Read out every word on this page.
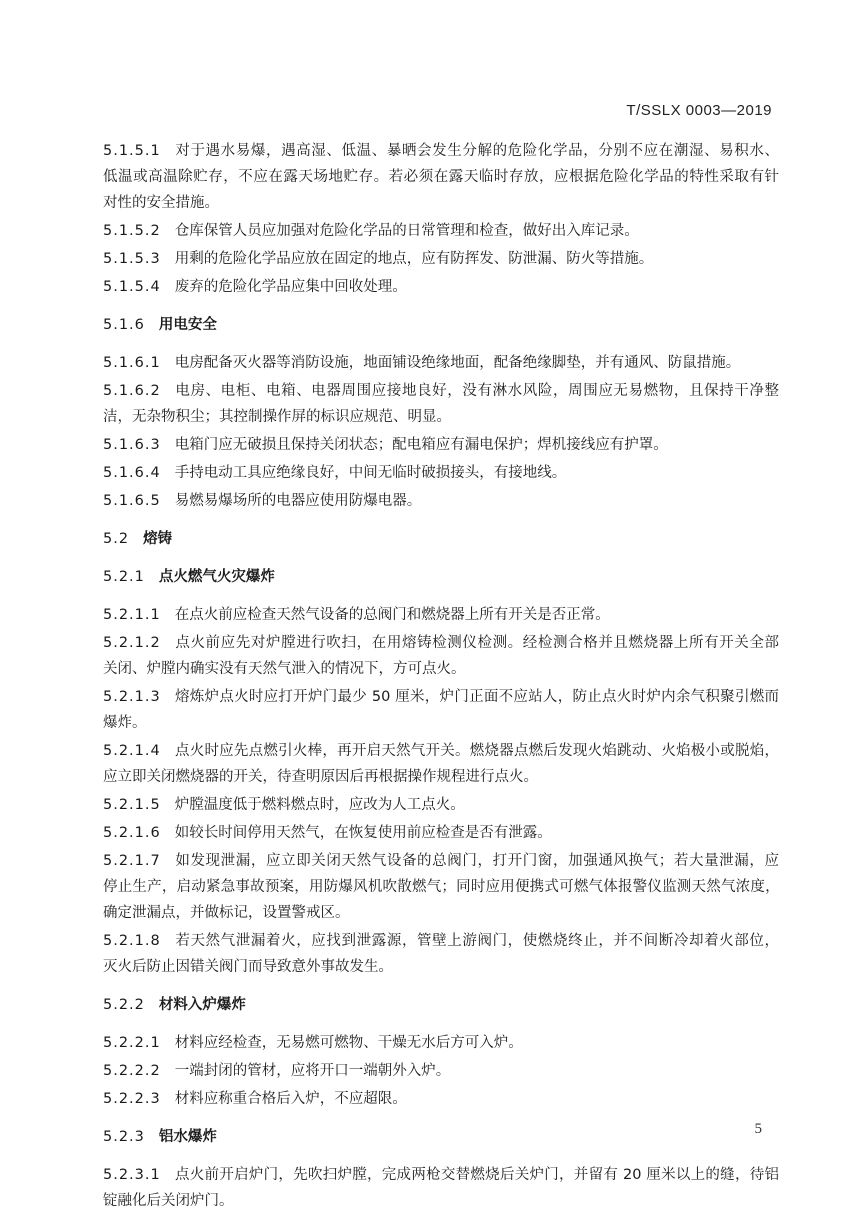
T/SSLX 0003—2019
5.1.5.1 对于遇水易爆，遇高湿、低温、暴晒会发生分解的危险化学品，分别不应在潮湿、易积水、
低温或高温除贮存，不应在露天场地贮存。若必须在露天临时存放，应根据危险化学品的特性采取有针
对性的安全措施。
5.1.5.2 仓库保管人员应加强对危险化学品的日常管理和检查，做好出入库记录。
5.1.5.3 用剩的危险化学品应放在固定的地点，应有防挥发、防泄漏、防火等措施。
5.1.5.4 废弃的危险化学品应集中回收处理。
5.1.6 用电安全
5.1.6.1 电房配备灭火器等消防设施，地面铺设绝缘地面，配备绝缘脚垫，并有通风、防鼠措施。
5.1.6.2 电房、电柜、电箱、电器周围应接地良好，没有淋水风险，周围应无易燃物，且保持干净整
洁，无杂物积尘；其控制操作屏的标识应规范、明显。
5.1.6.3 电箱门应无破损且保持关闭状态；配电箱应有漏电保护；焊机接线应有护罩。
5.1.6.4 手持电动工具应绝缘良好，中间无临时破损接头，有接地线。
5.1.6.5 易燃易爆场所的电器应使用防爆电器。
5.2 熔铸
5.2.1 点火燃气火灾爆炸
5.2.1.1 在点火前应检查天然气设备的总阀门和燃烧器上所有开关是否正常。
5.2.1.2 点火前应先对炉膛进行吹扫，在用熔铸检测仪检测。经检测合格并且燃烧器上所有开关全部
关闭、炉膛内确实没有天然气泄入的情况下，方可点火。
5.2.1.3 熔炼炉点火时应打开炉门最少 50 厘米，炉门正面不应站人，防止点火时炉内余气积聚引燃而
爆炸。
5.2.1.4 点火时应先点燃引火棒，再开启天然气开关。燃烧器点燃后发现火焰跳动、火焰极小或脱焰，
应立即关闭燃烧器的开关，待查明原因后再根据操作规程进行点火。
5.2.1.5 炉膛温度低于燃料燃点时，应改为人工点火。
5.2.1.6 如较长时间停用天然气，在恢复使用前应检查是否有泄露。
5.2.1.7 如发现泄漏，应立即关闭天然气设备的总阀门，打开门窗，加强通风换气；若大量泄漏，应
停止生产，启动紧急事故预案，用防爆风机吹散燃气；同时应用便携式可燃气体报警仪监测天然气浓度，
确定泄漏点，并做标记，设置警戒区。
5.2.1.8 若天然气泄漏着火，应找到泄露源，管壁上游阀门，使燃烧终止，并不间断冷却着火部位，
灭火后防止因错关阀门而导致意外事故发生。
5.2.2 材料入炉爆炸
5.2.2.1 材料应经检查，无易燃可燃物、干燥无水后方可入炉。
5.2.2.2 一端封闭的管材，应将开口一端朝外入炉。
5.2.2.3 材料应称重合格后入炉，不应超限。
5.2.3 铝水爆炸
5.2.3.1 点火前开启炉门，先吹扫炉膛，完成两枪交替燃烧后关炉门，并留有 20 厘米以上的缝，待铝
锭融化后关闭炉门。
5
